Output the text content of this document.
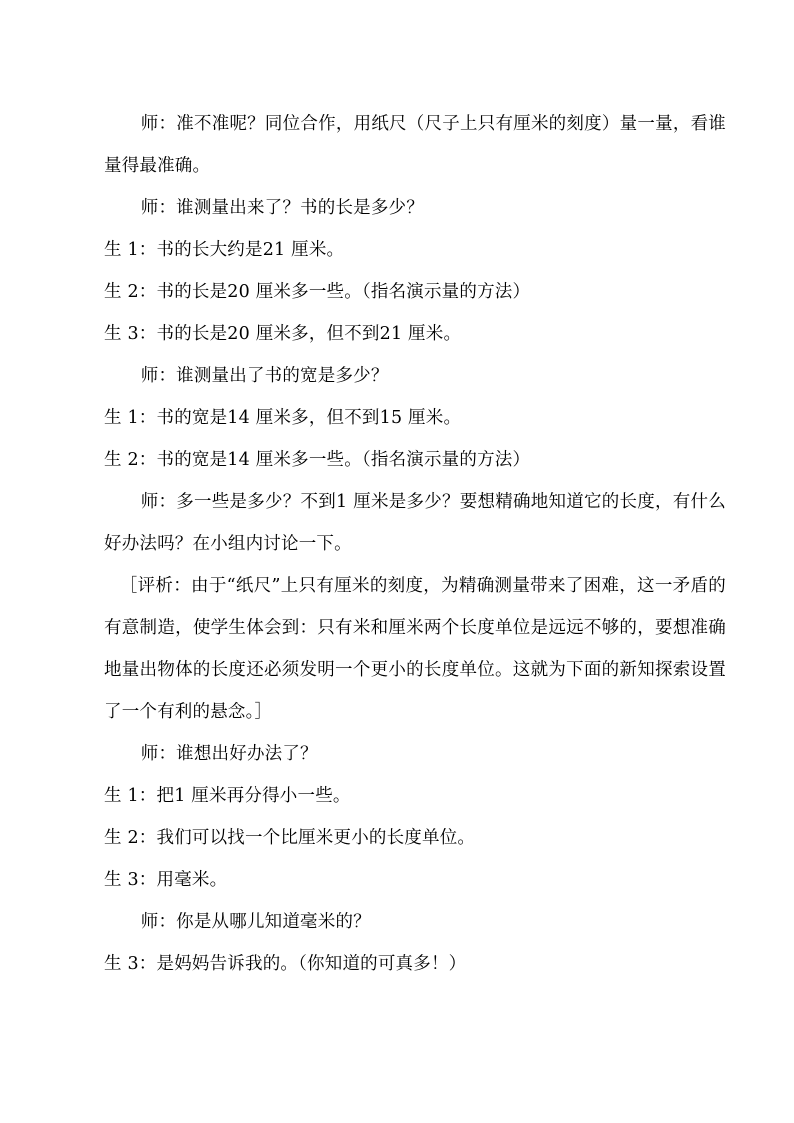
师：准不准呢？同位合作，用纸尺（尺子上只有厘米的刻度）量一量，看谁量得最准确。

师：谁测量出来了？书的长是多少？

生 1：书的长大约是21 厘米。

生 2：书的长是20 厘米多一些。（指名演示量的方法）

生 3：书的长是20 厘米多，但不到21 厘米。

师：谁测量出了书的宽是多少？

生 1：书的宽是14 厘米多，但不到15 厘米。

生 2：书的宽是14 厘米多一些。（指名演示量的方法）

师：多一些是多少？不到1 厘米是多少？要想精确地知道它的长度，有什么好办法吗？在小组内讨论一下。

［评析：由于“纸尺”上只有厘米的刻度，为精确测量带来了困难，这一矛盾的有意制造，使学生体会到：只有米和厘米两个长度单位是远远不够的，要想准确地量出物体的长度还必须发明一个更小的长度单位。这就为下面的新知探索设置了一个有利的悬念。］

师：谁想出好办法了？

生 1：把1 厘米再分得小一些。

生 2：我们可以找一个比厘米更小的长度单位。

生 3：用毫米。

师：你是从哪儿知道毫米的？

生 3：是妈妈告诉我的。（你知道的可真多！）
